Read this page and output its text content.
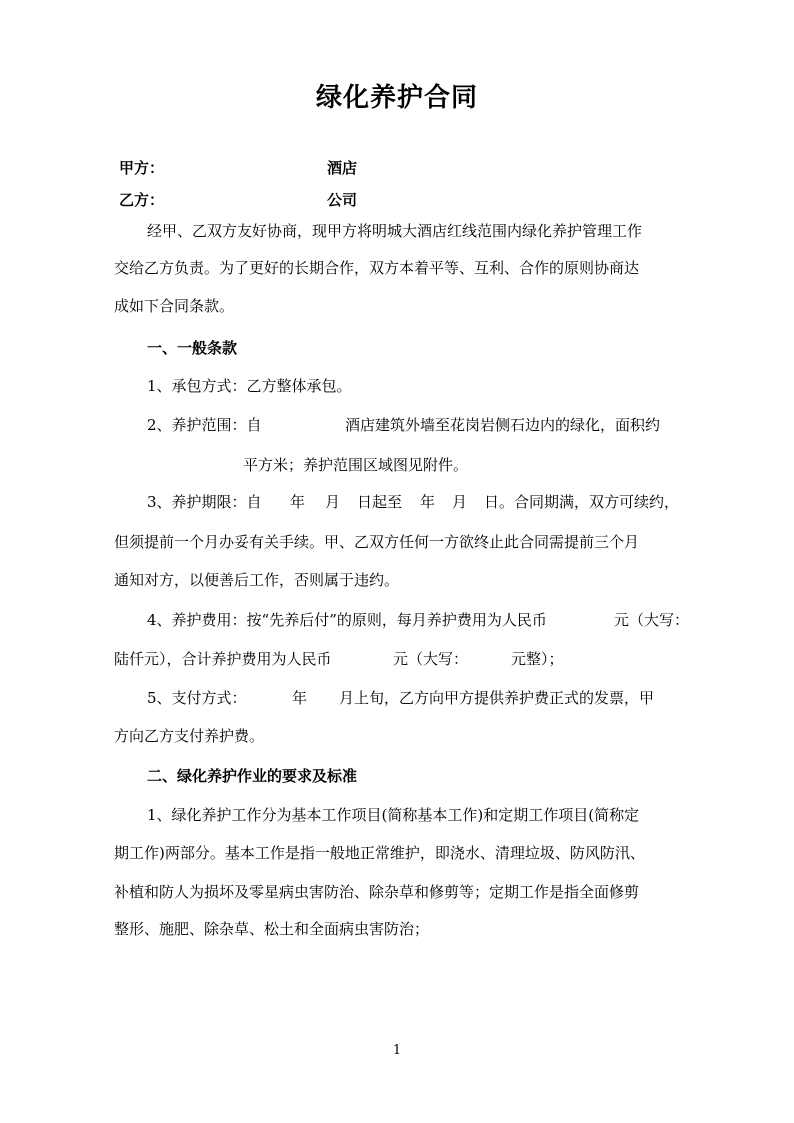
绿化养护合同
甲方：	酒店
乙方：	公司
经甲、乙双方友好协商，现甲方将明城大酒店红线范围内绿化养护管理工作
交给乙方负责。为了更好的长期合作，双方本着平等、互利、合作的原则协商达
成如下合同条款。
一、一般条款
1、承包方式：乙方整体承包。
2、养护范围：自	酒店建筑外墙至花岗岩侧石边内的绿化，面积约
平方米；养护范围区域图见附件。
3、养护期限：自 年 月 日起至 年 月 日。合同期满，双方可续约，
但须提前一个月办妥有关手续。甲、乙双方任何一方欲终止此合同需提前三个月
通知对方，以便善后工作，否则属于违约。
4、养护费用：按“先养后付”的原则，每月养护费用为人民币	元（大写：
陆仟元），合计养护费用为人民币	元（大写：	元整）；
5、支付方式：	年 月上旬，乙方向甲方提供养护费正式的发票，甲
方向乙方支付养护费。
二、绿化养护作业的要求及标准
1、绿化养护工作分为基本工作项目(简称基本工作)和定期工作项目(简称定
期工作)两部分。基本工作是指一般地正常维护，即浇水、清理垃圾、防风防汛、
补植和防人为损坏及零星病虫害防治、除杂草和修剪等；定期工作是指全面修剪
整形、施肥、除杂草、松土和全面病虫害防治；
1
